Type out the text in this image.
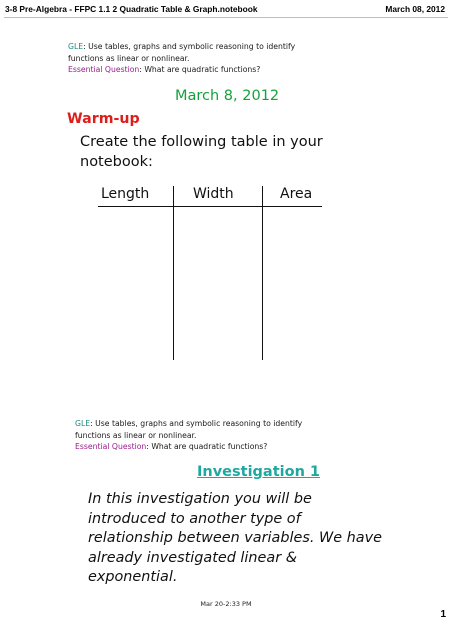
3-8 Pre-Algebra - FFPC 1.1 2 Quadratic Table & Graph.notebook	March 08, 2012
GLE: Use tables, graphs and symbolic reasoning to identify
functions as linear or nonlinear.
Essential Question: What are quadratic functions?
March 8, 2012
Warm-up
Create the following table in your
notebook:
Length	Width	Area
GLE: Use tables, graphs and symbolic reasoning to identify
functions as linear or nonlinear.
Essential Question: What are quadratic functions?
Investigation 1
In this investigation you will be
introduced to another type of
relationship between variables. We have
already investigated linear &
exponential.
Mar 20-2:33 PM
1
